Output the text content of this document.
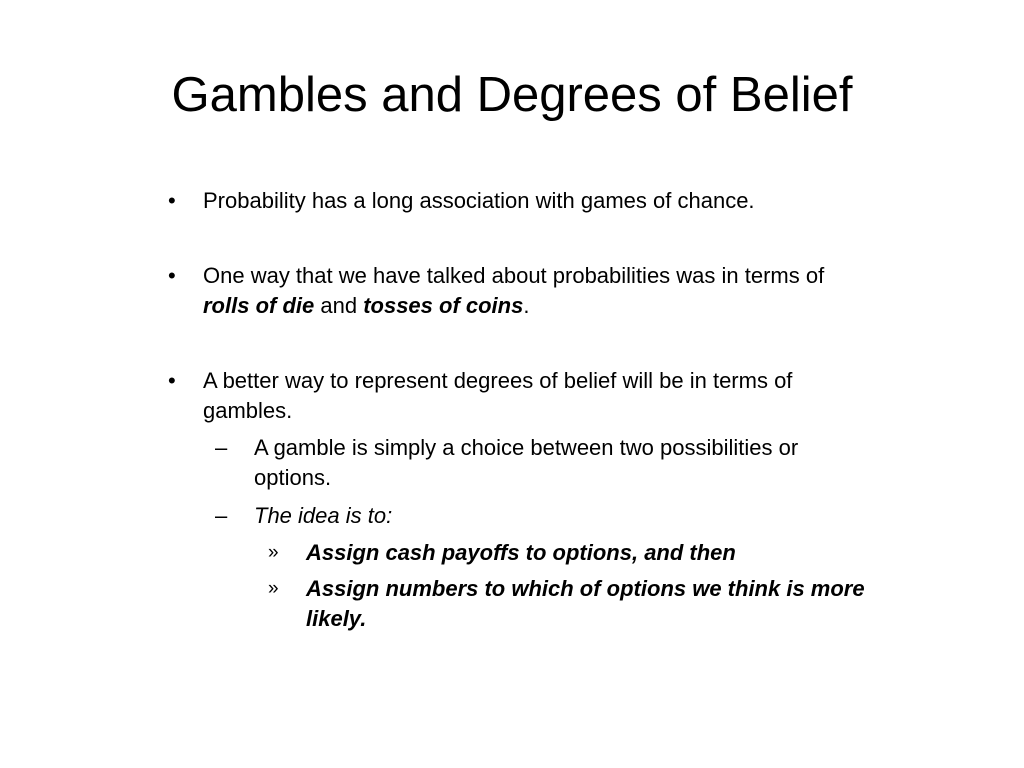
Gambles and Degrees of Belief
• Probability has a long association with games of chance.
• One way that we have talked about probabilities was in terms of
rolls of die and tosses of coins.
• A better way to represent degrees of belief will be in terms of
gambles.
– A gamble is simply a choice between two possibilities or
options.
– The idea is to:
» Assign cash payoffs to options, and then
» Assign numbers to which of options we think is more
likely.
